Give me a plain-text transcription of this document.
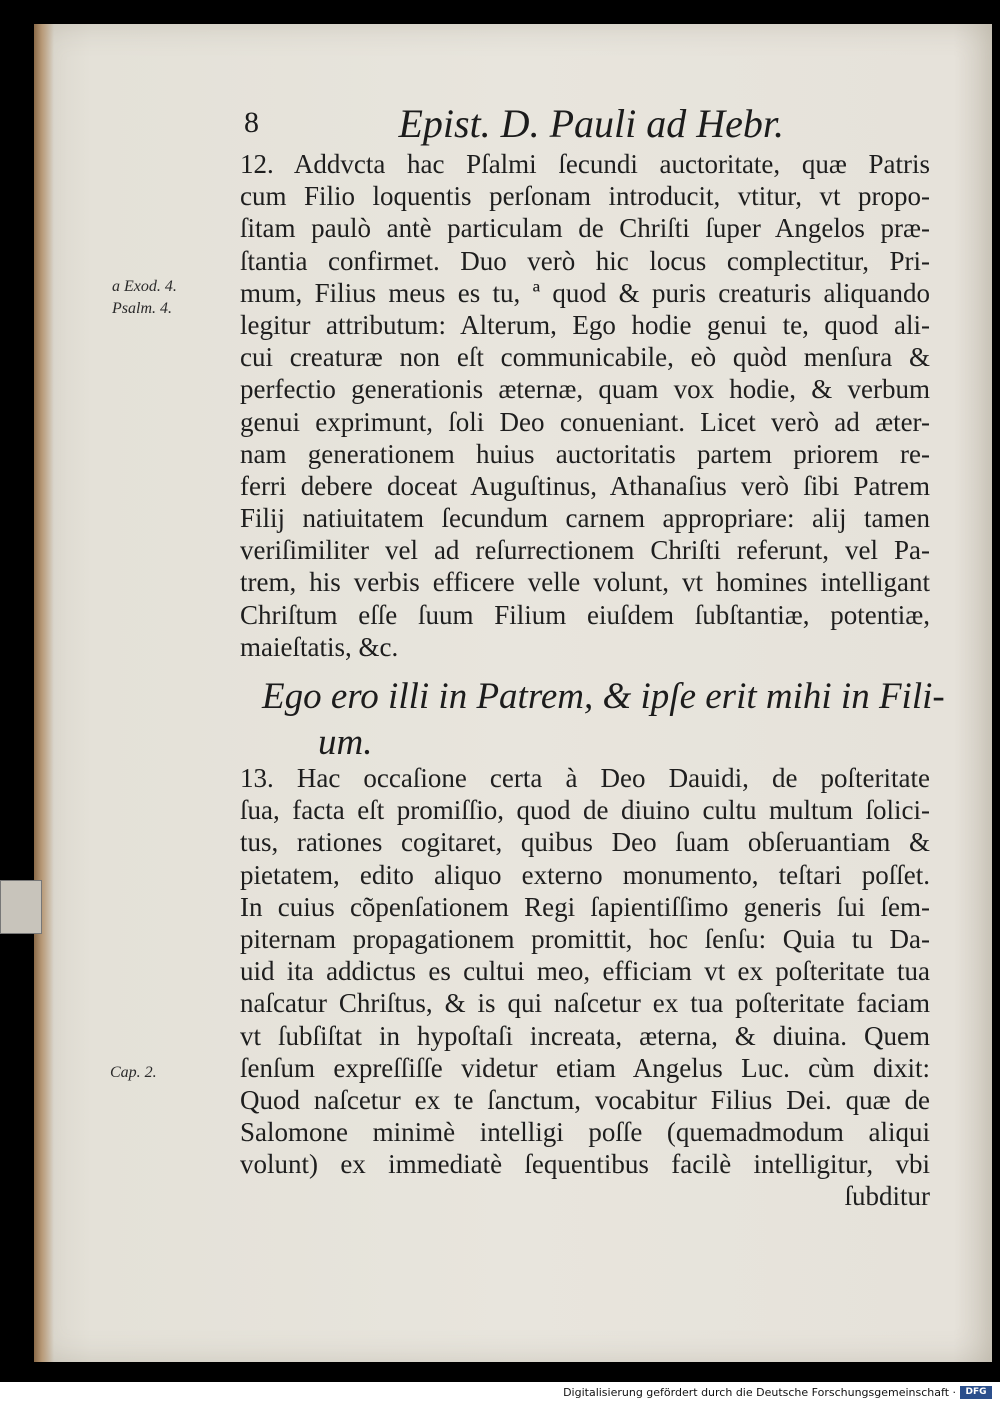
8	Epist. D. Pauli ad Hebr.
a Exod. 4.
Psalm. 4.
Cap. 2.
12. Addvcta hac Pſalmi ſecundi auctoritate, quæ Patris
cum Filio loquentis perſonam introducit, vtitur, vt propo-
ſitam paulò antè particulam de Chriſti ſuper Angelos præ-
ſtantia confirmet. Duo verò hic locus complectitur, Pri-
mum, Filius meus es tu, ª quod & puris creaturis aliquando
legitur attributum: Alterum, Ego hodie genui te, quod ali-
cui creaturæ non eſt communicabile, eò quòd menſura &
perfectio generationis æternæ, quam vox hodie, & verbum
genui exprimunt, ſoli Deo conueniant. Licet verò ad æter-
nam generationem huius auctoritatis partem priorem re-
ferri debere doceat Auguſtinus, Athanaſius verò ſibi Patrem
Filij natiuitatem ſecundum carnem appropriare: alij tamen
veriſimiliter vel ad reſurrectionem Chriſti referunt, vel Pa-
trem, his verbis efficere velle volunt, vt homines intelligant
Chriſtum eſſe ſuum Filium eiuſdem ſubſtantiæ, potentiæ,
maieſtatis, &c.
Ego ero illi in Patrem, & ipſe erit mihi in Fili-
um.
13. Hac occaſione certa à Deo Dauidi, de poſteritate
ſua, facta eſt promiſſio, quod de diuino cultu multum ſolici-
tus, rationes cogitaret, quibus Deo ſuam obſeruantiam &
pietatem, edito aliquo externo monumento, teſtari poſſet.
In cuius cõpenſationem Regi ſapientiſſimo generis ſui ſem-
piternam propagationem promittit, hoc ſenſu: Quia tu Da-
uid ita addictus es cultui meo, efficiam vt ex poſteritate tua
naſcatur Chriſtus, & is qui naſcetur ex tua poſteritate faciam
vt ſubſiſtat in hypoſtaſi increata, æterna, & diuina. Quem
ſenſum expreſſiſſe videtur etiam Angelus Luc. cùm dixit:
Quod naſcetur ex te ſanctum, vocabitur Filius Dei. quæ de
Salomone minimè intelligi poſſe (quemadmodum aliqui
volunt) ex immediatè ſequentibus facilè intelligitur, vbi
ſubditur
Digitalisierung gefördert durch die Deutsche Forschungsgemeinschaft ·	DFG
